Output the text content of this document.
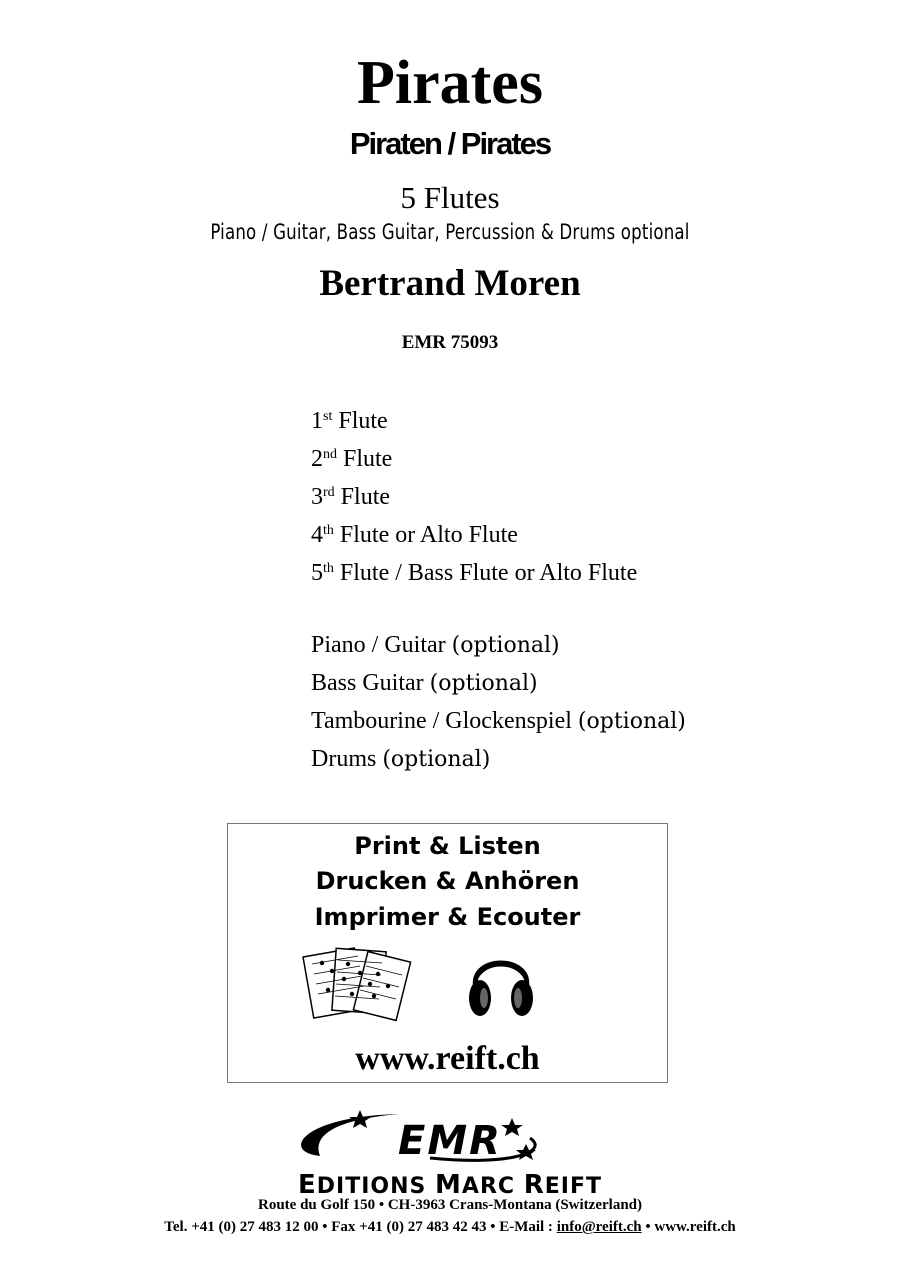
Pirates
Piraten / Pirates
5 Flutes
Piano / Guitar, Bass Guitar, Percussion & Drums optional
Bertrand Moren
EMR 75093
1st Flute
2nd Flute
3rd Flute
4th Flute or Alto Flute
5th Flute / Bass Flute or Alto Flute
Piano / Guitar (optional)
Bass Guitar (optional)
Tambourine / Glockenspiel (optional)
Drums (optional)
Print & Listen
Drucken & Anhören
Imprimer & Ecouter
www.reift.ch
EMR
EDITIONS MARC REIFT
Route du Golf 150 • CH-3963 Crans-Montana (Switzerland)
Tel. +41 (0) 27 483 12 00 • Fax +41 (0) 27 483 42 43 • E-Mail : info@reift.ch • www.reift.ch
